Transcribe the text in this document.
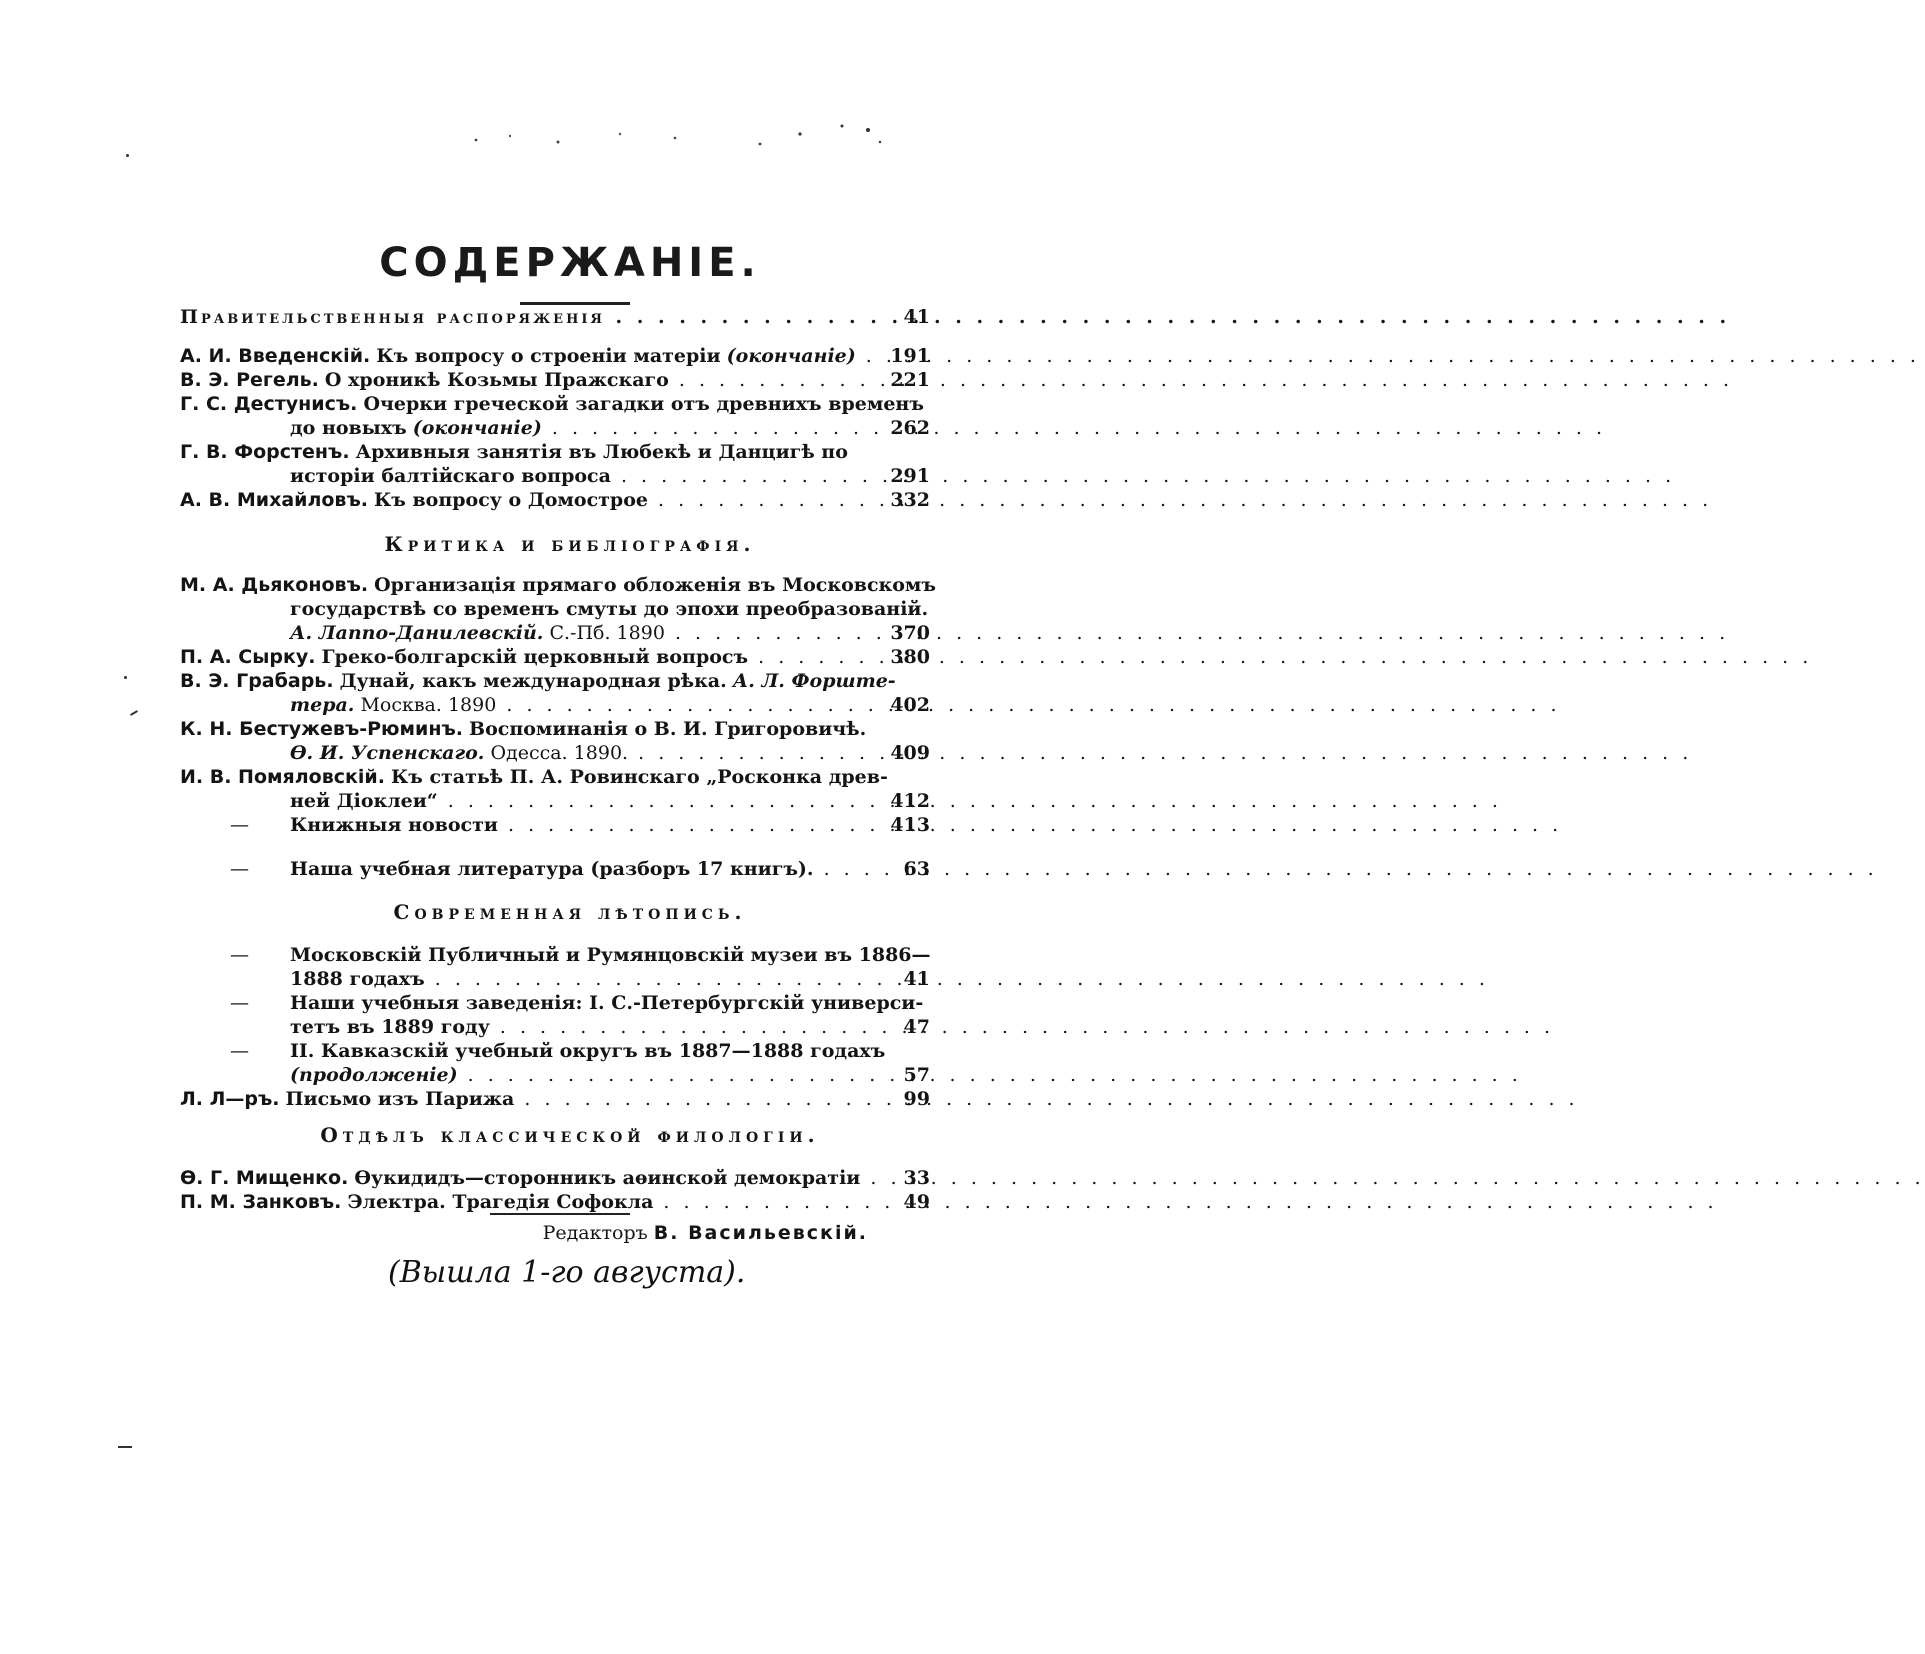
СОДЕРЖАНIЕ.
Правительственныя распоряженія . . .	41
А. И. Введенскій. Къ вопросу о строеніи матеріи (окончаніе) . . . 191
В. Э. Регель. О хроникѣ Козьмы Пражскаго . . .	221
Г. С. Дестунисъ. Очерки греческой загадки отъ древнихъ временъ
до новыхъ (окончаніе) . . .	262
Г. В. Форстенъ. Архивныя занятія въ Любекѣ и Данцигѣ по
исторіи балтійскаго вопроса . . .	291
А. В. Михайловъ. Къ вопросу о Домострое . . .	332
Критика и библіографія.
М. А. Дьяконовъ. Организація прямаго обложенія въ Московскомъ
государствѣ со временъ смуты до эпохи преобразованій.
А. Лаппо-Данилевскій. С.-Пб. 1890 . . .	370
П. А. Сырку. Греко-болгарскій церковный вопросъ . . .	380
В. Э. Грабарь. Дунай, какъ международная рѣка. А. Л. Форштe-
тера. Москва. 1890 . . .	402
К. Н. Бестужевъ-Рюминъ. Воспоминанія о В. И. Григоровичѣ.
Ѳ. И. Успенскаго. Одесса. 1890. . . .	409
И. В. Помяловскій. Къ статьѣ П. А. Ровинскаго „Росконка древ-
ней Діоклеи“ . . .	412
— Книжныя новости . . .	413
— Наша учебная литература (разборъ 17 книгъ). . . .	63
Современная лѣтопись.
— Московскій Публичный и Румянцовскій музеи въ 1886—
1888 годахъ . . .	41
— Наши учебныя заведенія: І. С.-Петербургскій универси-
тетъ въ 1889 году . . .	47
— II. Кавказскій учебный округъ въ 1887—1888 годахъ
(продолженіе) . . .	57
Л. Л—ръ. Письмо изъ Парижа . . .	99
Отдѣлъ классической филологіи.
Ѳ. Г. Мищенко. Ѳукидидъ—сторонникъ аѳинской демократіи . . . 33
П. М. Занковъ. Электра. Трагедія Софокла . . .	49
Редакторъ В. Васильевскій.
(Вышла 1-го августа).
